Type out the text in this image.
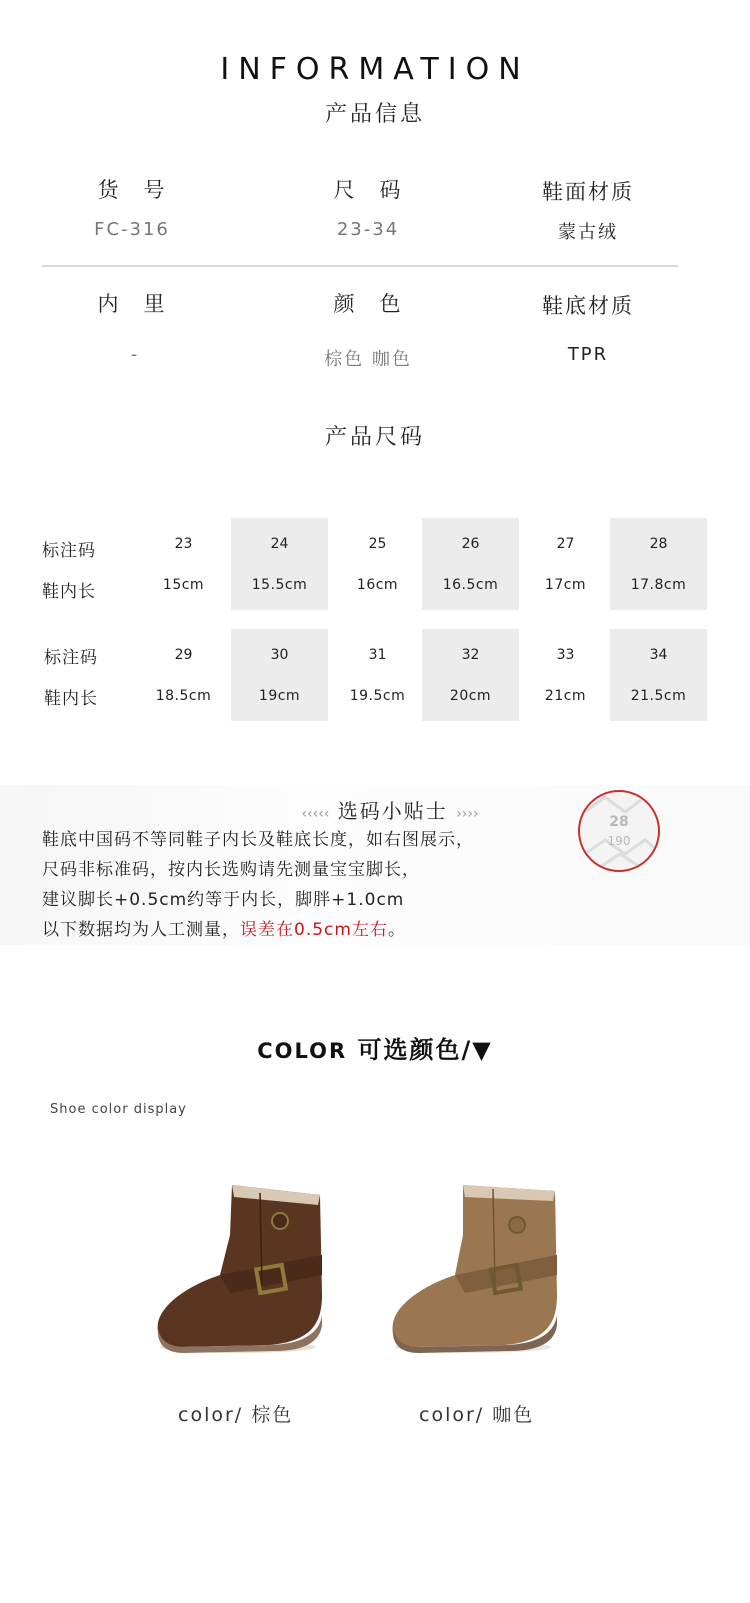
INFORMATION
产品信息
货　号
FC-316
尺　码
23-34
鞋面材质
蒙古绒
内　里
-
颜　色
棕色 咖色
鞋底材质
TPR
产品尺码
标注码
鞋内长
23
15cm
24
15.5cm
25
16cm
26
16.5cm
27
17cm
28
17.8cm
标注码
鞋内长
29
18.5cm
30
19cm
31
19.5cm
32
20cm
33
21cm
34
21.5cm
‹‹‹‹‹ 选码小贴士 ››››
鞋底中国码不等同鞋子内长及鞋底长度，如右图展示，
尺码非标准码，按内长选购请先测量宝宝脚长，
建议脚长+0.5cm约等于内长，脚胖+1.0cm
以下数据均为人工测量，误差在0.5cm左右。
28
190
COLOR 可选颜色/▼
Shoe color display
color/ 棕色	color/ 咖色
